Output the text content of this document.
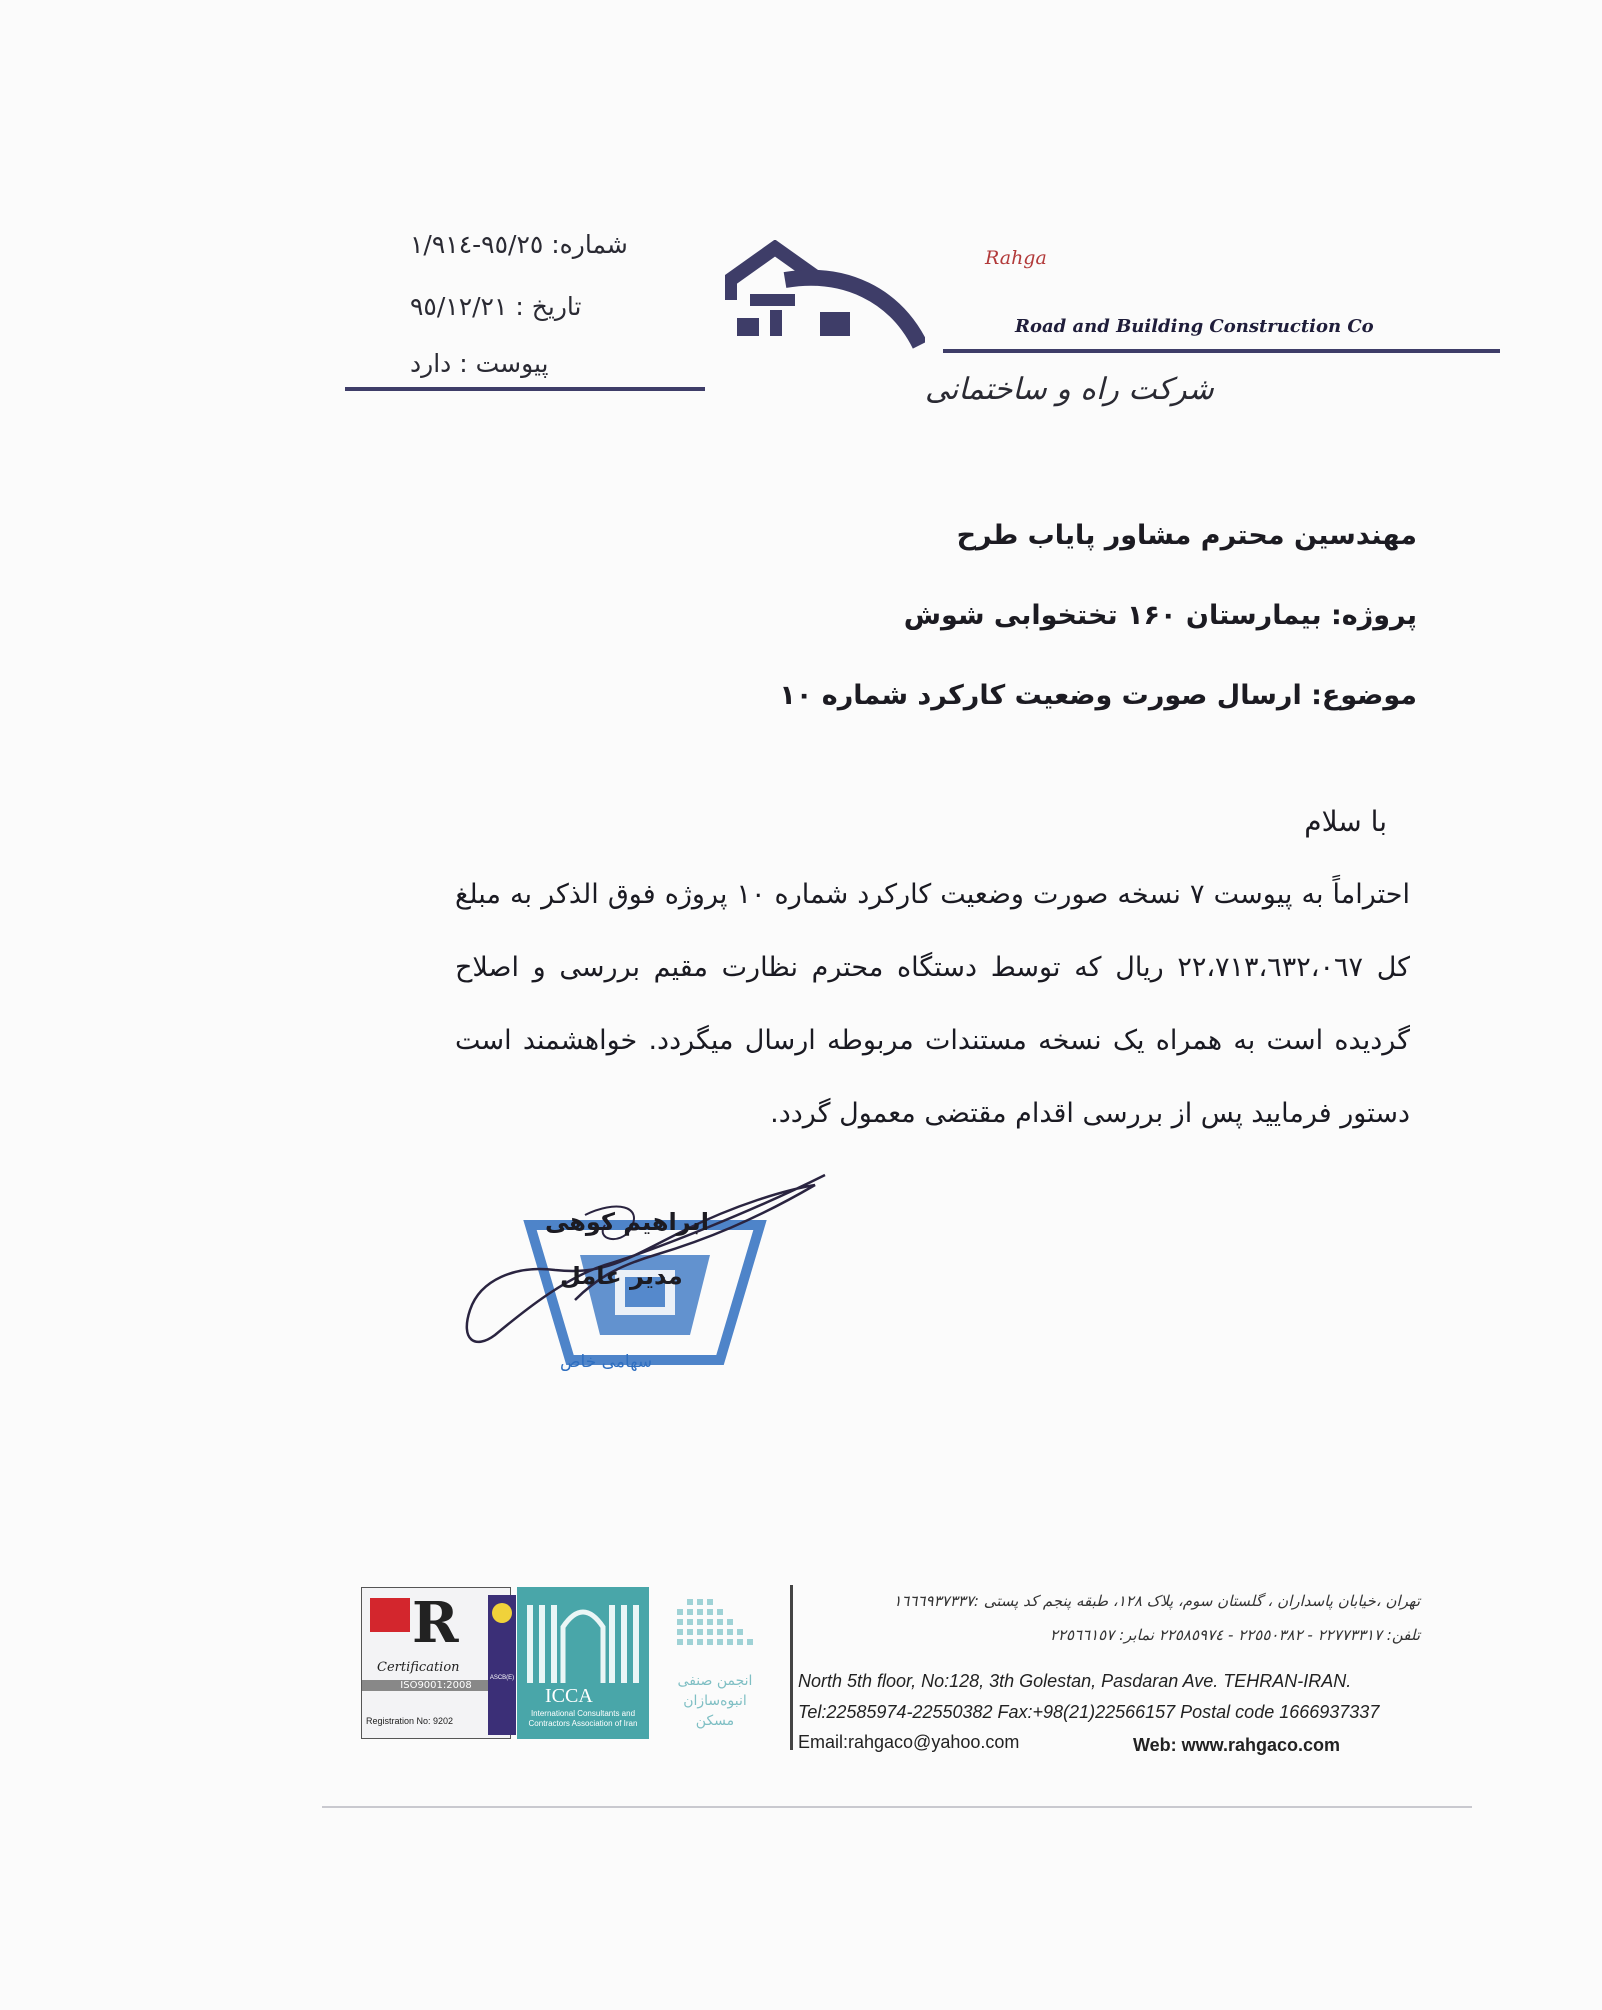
شماره: ٩٥/٢٥-١/٩١٤
تاریخ : ٩٥/١٢/٢١
پیوست : دارد
Rahga
Road and Building Construction Co
شرکت راه و ساختمانی
مهندسین محترم مشاور پایاب طرح
پروژه: بیمارستان ۱۶۰ تختخوابی شوش
موضوع: ارسال صورت وضعیت کارکرد شماره ۱۰
با سلام
احتراماً به پیوست ٧ نسخه صورت وضعیت کارکرد شماره ١٠ پروژه فوق الذکر به مبلغ کل ٢٢،٧١٣،٦٣٢،٠٦٧ ریال که توسط دستگاه محترم نظارت مقیم بررسی و اصلاح گردیده است به همراه یک نسخه مستندات مربوطه ارسال میگردد. خواهشمند است دستور فرمایید پس از بررسی اقدام مقتضی معمول گردد.
سهامی خاص
ابراهیم کوهی
مدیر عامل
R
Certification
ISO9001:2008
Registration No: 9202
ASCB(E)
ICCA
International Consultants and Contractors Association of Iran
انجمن صنفی انبوه‌سازان مسکن
تهران ،خیابان پاسداران ، گلستان سوم، پلاک ١٢٨، طبقه پنجم کد پستی :١٦٦٦٩٣٧٣٣٧
تلفن: ٢٢٧٧٣٣١٧ - ٢٢٥٥٠٣٨٢ - ٢٢٥٨٥٩٧٤ نمابر: ٢٢٥٦٦١٥٧
North 5th floor, No:128, 3th Golestan, Pasdaran Ave. TEHRAN-IRAN.
Tel:22585974-22550382 Fax:+98(21)22566157 Postal code 1666937337
Email:rahgaco@yahoo.com	Web: www.rahgaco.com
